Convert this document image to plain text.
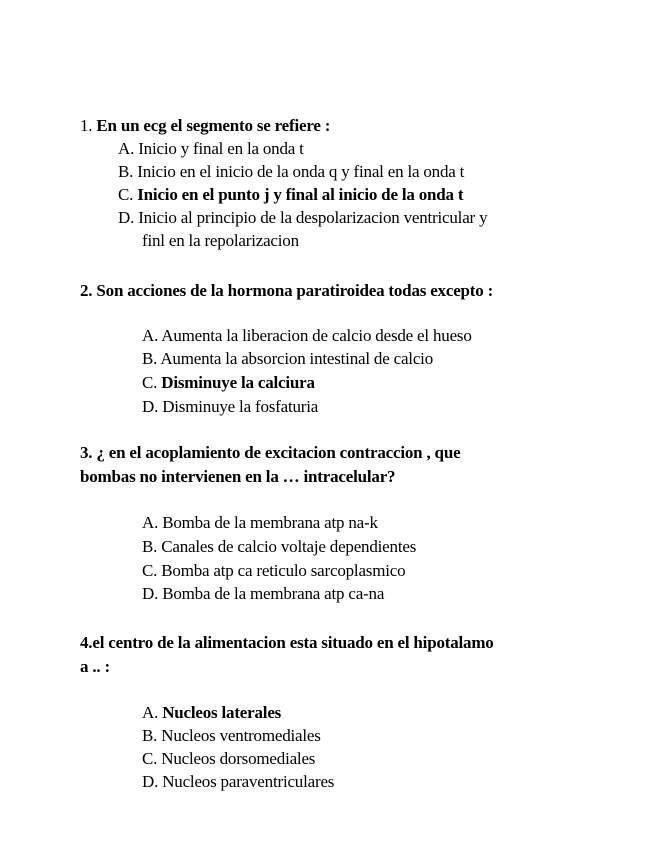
1. En un ecg el segmento se refiere :
A. Inicio y final en la onda t
B. Inicio en el inicio de la onda q y final en la onda t
C. Inicio en el punto j y final al inicio de la onda t
D. Inicio al principio de la despolarizacion ventricular y
finl en la repolarizacion
2. Son acciones de la hormona paratiroidea todas excepto :
A. Aumenta la liberacion de calcio desde el hueso
B. Aumenta la absorcion intestinal de calcio
C. Disminuye la calciura
D. Disminuye la fosfaturia
3. ¿ en el acoplamiento de excitacion contraccion , que
bombas no intervienen en la … intracelular?
A. Bomba de la membrana atp na-k
B. Canales de calcio voltaje dependientes
C. Bomba atp ca reticulo sarcoplasmico
D. Bomba de la membrana atp ca-na
4.el centro de la alimentacion esta situado en el hipotalamo
a .. :
A. Nucleos laterales
B. Nucleos ventromediales
C. Nucleos dorsomediales
D. Nucleos paraventriculares
